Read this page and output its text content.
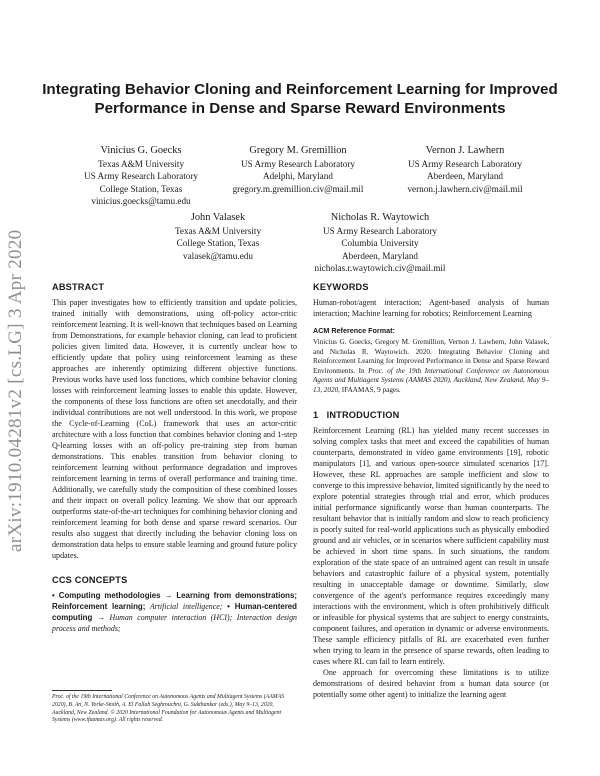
Integrating Behavior Cloning and Reinforcement Learning for Improved Performance in Dense and Sparse Reward Environments
Vinicius G. Goecks
Texas A&M University
US Army Research Laboratory
College Station, Texas
vinicius.goecks@tamu.edu
Gregory M. Gremillion
US Army Research Laboratory
Adelphi, Maryland
gregory.m.gremillion.civ@mail.mil
Vernon J. Lawhern
US Army Research Laboratory
Aberdeen, Maryland
vernon.j.lawhern.civ@mail.mil
John Valasek
Texas A&M University
College Station, Texas
valasek@tamu.edu
Nicholas R. Waytowich
US Army Research Laboratory
Columbia University
Aberdeen, Maryland
nicholas.r.waytowich.civ@mail.mil
arXiv:1910.04281v2 [cs.LG] 3 Apr 2020	ABSTRACT

This paper investigates how to efficiently transition and update policies, trained initially with demonstrations, using off-policy actor-critic reinforcement learning. It is well-known that techniques based on Learning from Demonstrations, for example behavior cloning, can lead to proficient policies given limited data. However, it is currently unclear how to efficiently update that policy using reinforcement learning as these approaches are inherently optimizing different objective functions. Previous works have used loss functions, which combine behavior cloning losses with reinforcement learning losses to enable this update. However, the components of these loss functions are often set anecdotally, and their individual contributions are not well understood. In this work, we propose the Cycle-of-Learning (CoL) framework that uses an actor-critic architecture with a loss function that combines behavior cloning and 1-step Q-learning losses with an off-policy pre-training step from human demonstrations. This enables transition from behavior cloning to reinforcement learning without performance degradation and improves reinforcement learning in terms of overall performance and training time. Additionally, we carefully study the composition of these combined losses and their impact on overall policy learning. We show that our approach outperforms state-of-the-art techniques for combining behavior cloning and reinforcement learning for both dense and sparse reward scenarios. Our results also suggest that directly including the behavior cloning loss on demonstration data helps to ensure stable learning and ground future policy updates.

CCS CONCEPTS

• Computing methodologies → Learning from demonstrations; Reinforcement learning; Artificial intelligence; • Human-centered computing → Human computer interaction (HCI); Interaction design process and methods;

Proc. of the 19th International Conference on Autonomous Agents and Multiagent Systems (AAMAS 2020), B. An, N. Yorke-Smith, A. El Fallah Seghrouchni, G. Sukthankar (eds.), May 9–13, 2020, Auckland, New Zealand. © 2020 International Foundation for Autonomous Agents and Multiagent Systems (www.ifaamas.org). All rights reserved.
KEYWORDS

Human-robot/agent interaction; Agent-based analysis of human interaction; Machine learning for robotics; Reinforcement Learning

ACM Reference Format:

Vinicius G. Goecks, Gregory M. Gremillion, Vernon J. Lawhern, John Valasek, and Nicholas R. Waytowich. 2020. Integrating Behavior Cloning and Reinforcement Learning for Improved Performance in Dense and Sparse Reward Environments. In Proc. of the 19th International Conference on Autonomous Agents and Multiagent Systems (AAMAS 2020), Auckland, New Zealand, May 9–13, 2020, IFAAMAS, 9 pages.

1   INTRODUCTION

Reinforcement Learning (RL) has yielded many recent successes in solving complex tasks that meet and exceed the capabilities of human counterparts, demonstrated in video game environments [19], robotic manipulators [1], and various open-source simulated scenarios [17]. However, these RL approaches are sample inefficient and slow to converge to this impressive behavior, limited significantly by the need to explore potential strategies through trial and error, which produces initial performance significantly worse than human counterparts. The resultant behavior that is initially random and slow to reach proficiency is poorly suited for real-world applications such as physically embodied ground and air vehicles, or in scenarios where sufficient capability must be achieved in short time spans. In such situations, the random exploration of the state space of an untrained agent can result in unsafe behaviors and catastrophic failure of a physical system, potentially resulting in unacceptable damage or downtime. Similarly, slow convergence of the agent's performance requires exceedingly many interactions with the environment, which is often prohibitively difficult or infeasible for physical systems that are subject to energy constraints, component failures, and operation in dynamic or adverse environments. These sample efficiency pitfalls of RL are exacerbated even further when trying to learn in the presence of sparse rewards, often leading to cases where RL can fail to learn entirely.

One approach for overcoming these limitations is to utilize demonstrations of desired behavior from a human data source (or potentially some other agent) to initialize the learning agent
